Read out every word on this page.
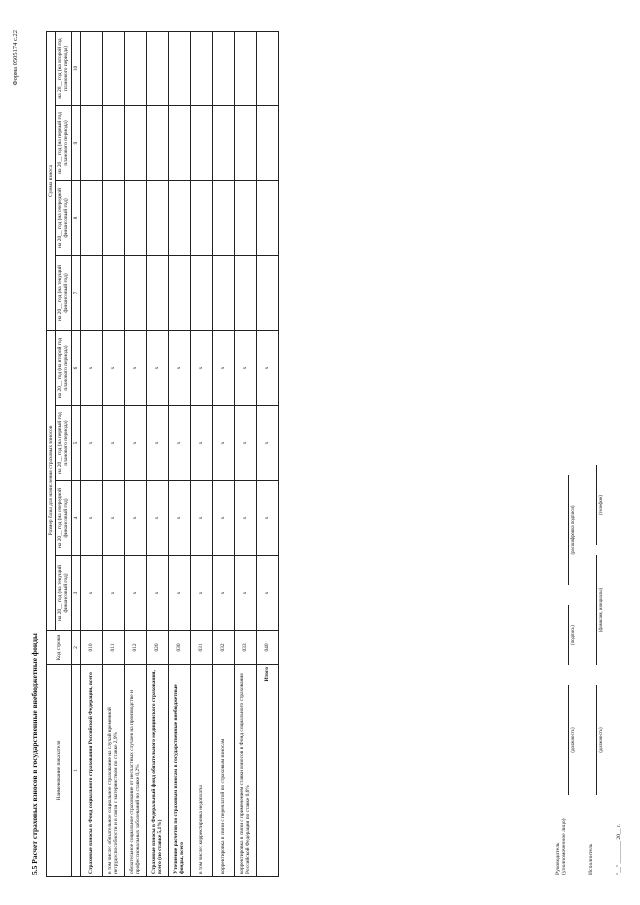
5.5 Расчет страховых взносов в государственные внебюджетные фонды
Форма 0505174 с.22
Наименование показателя	Код строки	Размер базы для начисления страховых взносов				Сумма взноса			
		на 20__ год (на текущий финансовый год)	на 20__ год (на очередной финансовый год)	на 20__ год (на первый год планового периода)	на 20__ год (на второй год планового периода)	на 20__ год (на текущий финансовый год)	на 20__ год (на очередной финансовый год)	на 20__ год (на первый год планового периода)	на 20__ год (на второй год планового периода)
1	2	3	4	5	6	7	8	9	10
Страховые взносы в Фонд социального страхования Российской Федерации, всего	010	x	x	x	x				
в том числе: обязательное социальное страхование на случай временной нетрудоспособности и в связи с материнством по ставке 2,9%	011	x	x	x	x				
обязательное социальное страхование от несчастных случаев на производстве и профессиональных заболеваний по ставке 0,2%	012	x	x	x	x				
Страховые взносы в Федеральный фонд обязательного медицинского страхования, всего (по ставке 5,1%)	020	x	x	x	x				
Уточнение расчетов по страховым взносам в государственные внебюджетные фонды, всего	030	x	x	x	x				
в том числе: корректировка недоплаты	031	x	x	x	x				
корректировка в связи с переплатой по страховым взносам	032	x	x	x	x				
корректировка в связи с применением ставки взносов в Фонд социального страхования Российской Федерации по ставке 0,6%	033	x	x	x	x				
Итого	040	x	x	x	x				
Руководитель (уполномоченное лицо)
(должность)
(подпись)
(расшифровка подписи)
Исполнитель
(должность)
(фамилия, инициалы)
(телефон)
"__" ________ 20__ г.
